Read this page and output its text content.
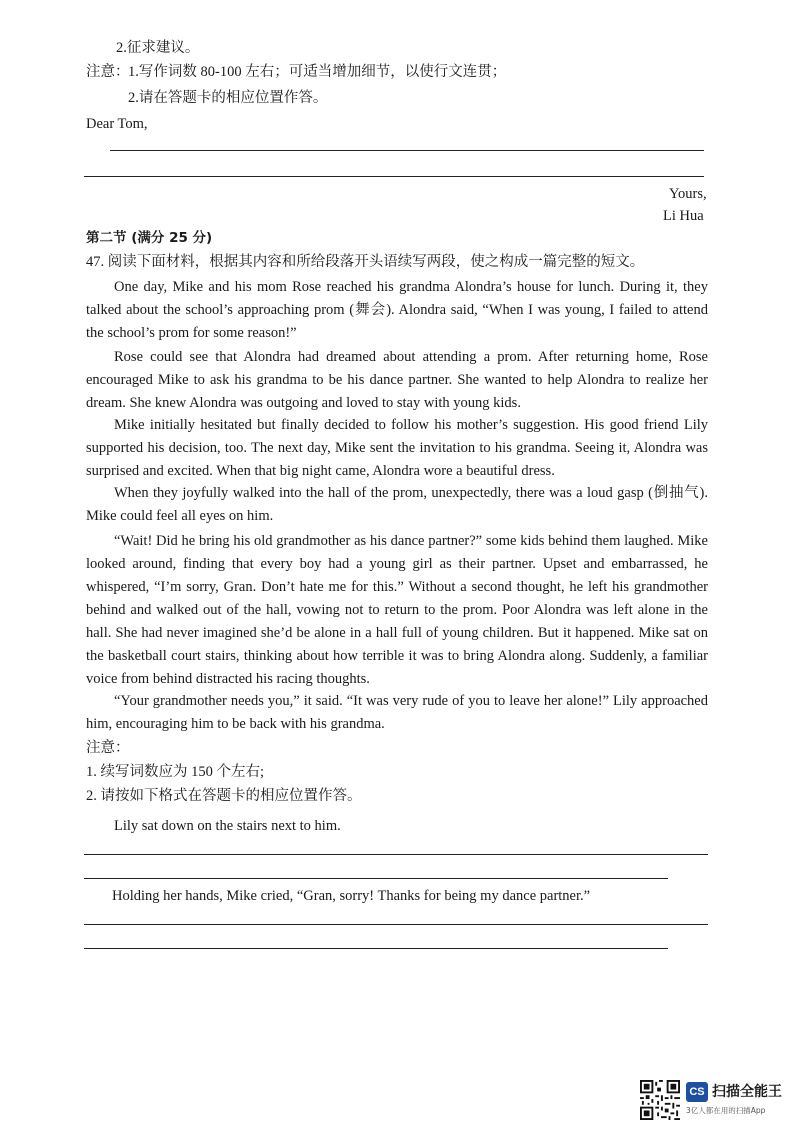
2.征求建议。
注意：
1.写作词数 80-100 左右；可适当增加细节，以使行文连贯；
2.请在答题卡的相应位置作答。
Dear Tom,
Yours,
Li Hua
第二节 (满分 25 分)
47. 阅读下面材料，根据其内容和所给段落开头语续写两段，使之构成一篇完整的短文。
One day, Mike and his mom Rose reached his grandma Alondra’s house for lunch. During it, they talked about the school’s approaching prom (舞会). Alondra said, “When I was young, I failed to attend the school’s prom for some reason!”
Rose could see that Alondra had dreamed about attending a prom. After returning home, Rose encouraged Mike to ask his grandma to be his dance partner. She wanted to help Alondra to realize her dream. She knew Alondra was outgoing and loved to stay with young kids.
Mike initially hesitated but finally decided to follow his mother’s suggestion. His good friend Lily supported his decision, too. The next day, Mike sent the invitation to his grandma. Seeing it, Alondra was surprised and excited. When that big night came, Alondra wore a beautiful dress.
When they joyfully walked into the hall of the prom, unexpectedly, there was a loud gasp (倒抽气). Mike could feel all eyes on him.
“Wait! Did he bring his old grandmother as his dance partner?” some kids behind them laughed. Mike looked around, finding that every boy had a young girl as their partner. Upset and embarrassed, he whispered, “I’m sorry, Gran. Don’t hate me for this.” Without a second thought, he left his grandmother behind and walked out of the hall, vowing not to return to the prom. Poor Alondra was left alone in the hall. She had never imagined she’d be alone in a hall full of young children. But it happened. Mike sat on the basketball court stairs, thinking about how terrible it was to bring Alondra along. Suddenly, a familiar voice from behind distracted his racing thoughts.
“Your grandmother needs you,” it said. “It was very rude of you to leave her alone!” Lily approached him, encouraging him to be back with his grandma.
注意：
1. 续写词数应为 150 个左右;
2. 请按如下格式在答题卡的相应位置作答。
Lily sat down on the stairs next to him.
Holding her hands, Mike cried, “Gran, sorry! Thanks for being my dance partner.”
CS 扫描全能王
3亿人都在用的扫描App
